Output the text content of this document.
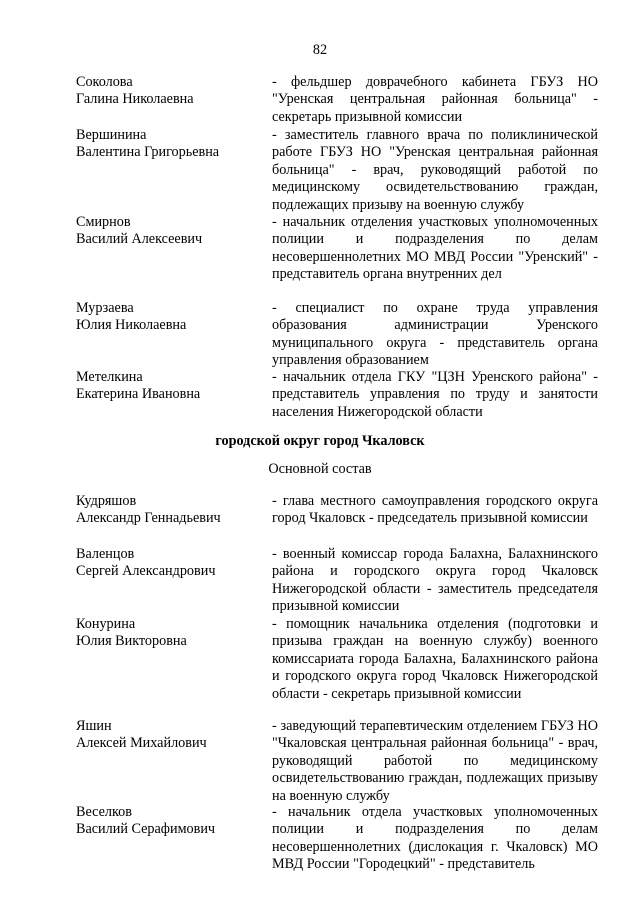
82
Соколова
Галина Николаевна
- фельдшер доврачебного кабинета ГБУЗ НО "Уренская центральная районная больница" - секретарь призывной комиссии
Вершинина
Валентина Григорьевна
- заместитель главного врача по поликлинической работе ГБУЗ НО "Уренская центральная районная больница" - врач, руководящий работой по медицинскому освидетельствованию граждан, подлежащих призыву на военную службу
Смирнов
Василий Алексеевич
- начальник отделения участковых уполномоченных полиции и подразделения по делам несовершеннолетних МО МВД России "Уренский" - представитель органа внутренних дел
Мурзаева
Юлия Николаевна
- специалист по охране труда управления образования администрации Уренского муниципального округа - представитель органа управления образованием
Метелкина
Екатерина Ивановна
- начальник отдела ГКУ "ЦЗН Уренского района" - представитель управления по труду и занятости населения Нижегородской области
городской округ город Чкаловск
Основной состав
Кудряшов
Александр Геннадьевич
- глава местного самоуправления городского округа город Чкаловск - председатель призывной комиссии
Валенцов
Сергей Александрович
- военный комиссар города Балахна, Балахнинского района и городского округа город Чкаловск Нижегородской области - заместитель председателя призывной комиссии
Конурина
Юлия Викторовна
- помощник начальника отделения (подготовки и призыва граждан на военную службу) военного комиссариата города Балахна, Балахнинского района и городского округа город Чкаловск Нижегородской области - секретарь призывной комиссии
Яшин
Алексей Михайлович
- заведующий терапевтическим отделением ГБУЗ НО "Чкаловская центральная районная больница" - врач, руководящий работой по медицинскому освидетельствованию граждан, подлежащих призыву на военную службу
Веселков
Василий Серафимович
- начальник отдела участковых уполномоченных полиции и подразделения по делам несовершеннолетних (дислокация г. Чкаловск) МО МВД России "Городецкий" - представитель
